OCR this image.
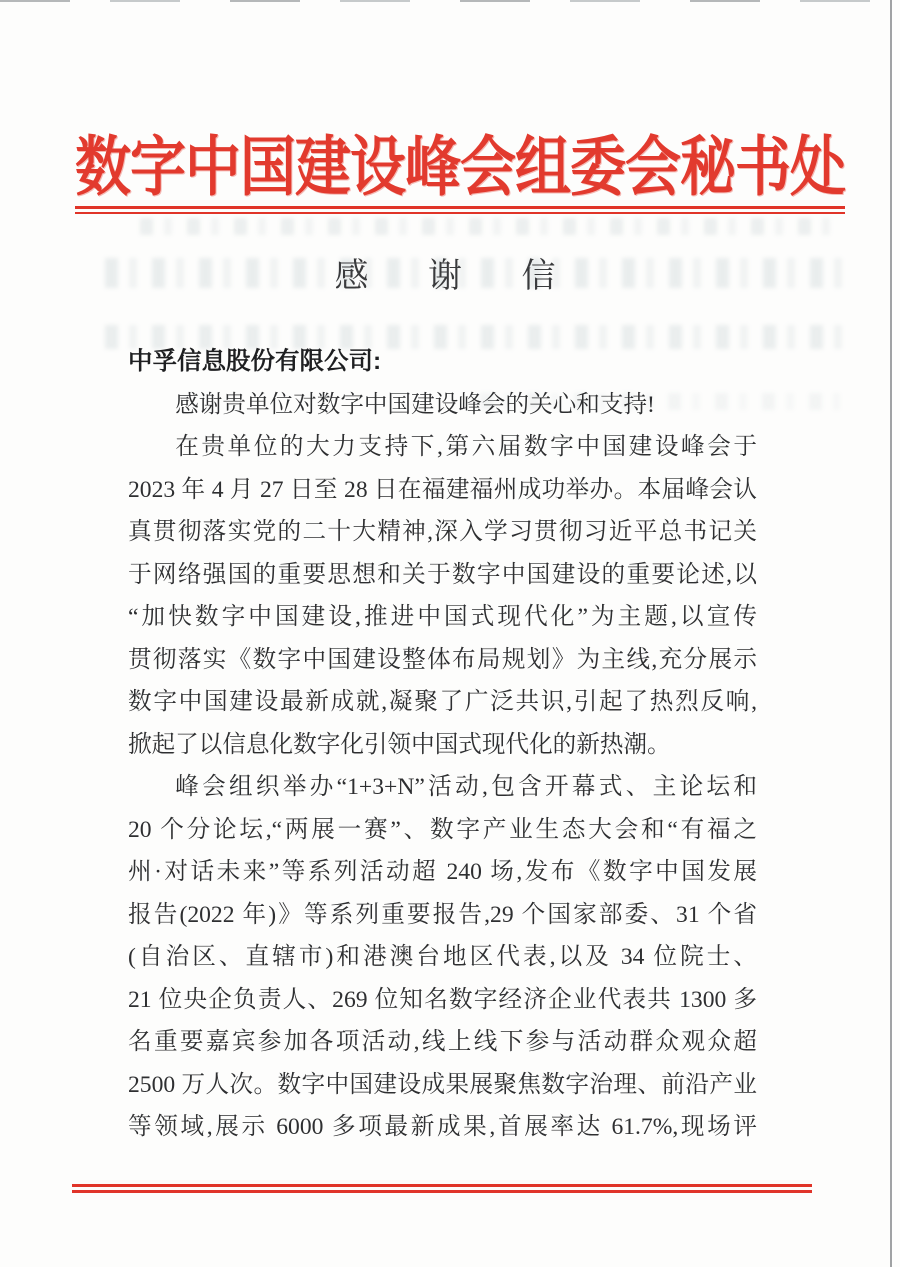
数字中国建设峰会组委会秘书处
感谢信
中孚信息股份有限公司:
感谢贵单位对数字中国建设峰会的关心和支持!
在贵单位的大力支持下,第六届数字中国建设峰会于
2023 年 4 月 27 日至 28 日在福建福州成功举办。本届峰会认
真贯彻落实党的二十大精神,深入学习贯彻习近平总书记关
于网络强国的重要思想和关于数字中国建设的重要论述,以
“加快数字中国建设,推进中国式现代化”为主题,以宣传
贯彻落实《数字中国建设整体布局规划》为主线,充分展示
数字中国建设最新成就,凝聚了广泛共识,引起了热烈反响,
掀起了以信息化数字化引领中国式现代化的新热潮。
峰会组织举办“1+3+N”活动,包含开幕式、主论坛和
20 个分论坛,“两展一赛”、数字产业生态大会和“有福之
州·对话未来”等系列活动超 240 场,发布《数字中国发展
报告(2022 年)》等系列重要报告,29 个国家部委、31 个省
(自治区、直辖市)和港澳台地区代表,以及 34 位院士、
21 位央企负责人、269 位知名数字经济企业代表共 1300 多
名重要嘉宾参加各项活动,线上线下参与活动群众观众超
2500 万人次。数字中国建设成果展聚焦数字治理、前沿产业
等领域,展示 6000 多项最新成果,首展率达 61.7%,现场评
